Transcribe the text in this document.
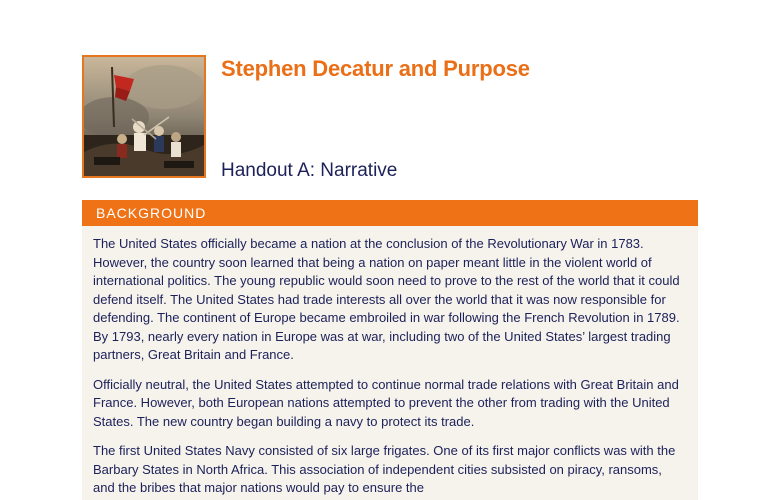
Stephen Decatur and Purpose
Handout A: Narrative
BACKGROUND

The United States officially became a nation at the conclusion of the Revolutionary War in 1783. However, the country soon learned that being a nation on paper meant little in the violent world of international politics. The young republic would soon need to prove to the rest of the world that it could defend itself. The United States had trade interests all over the world that it was now responsible for defending. The continent of Europe became embroiled in war following the French Revolution in 1789. By 1793, nearly every nation in Europe was at war, including two of the United States’ largest trading partners, Great Britain and France.

Officially neutral, the United States attempted to continue normal trade relations with Great Britain and France. However, both European nations attempted to prevent the other from trading with the United States. The new country began building a navy to protect its trade.

The first United States Navy consisted of six large frigates. One of its first major conflicts was with the Barbary States in North Africa. This association of independent cities subsisted on piracy, ransoms, and the bribes that major nations would pay to ensure the
